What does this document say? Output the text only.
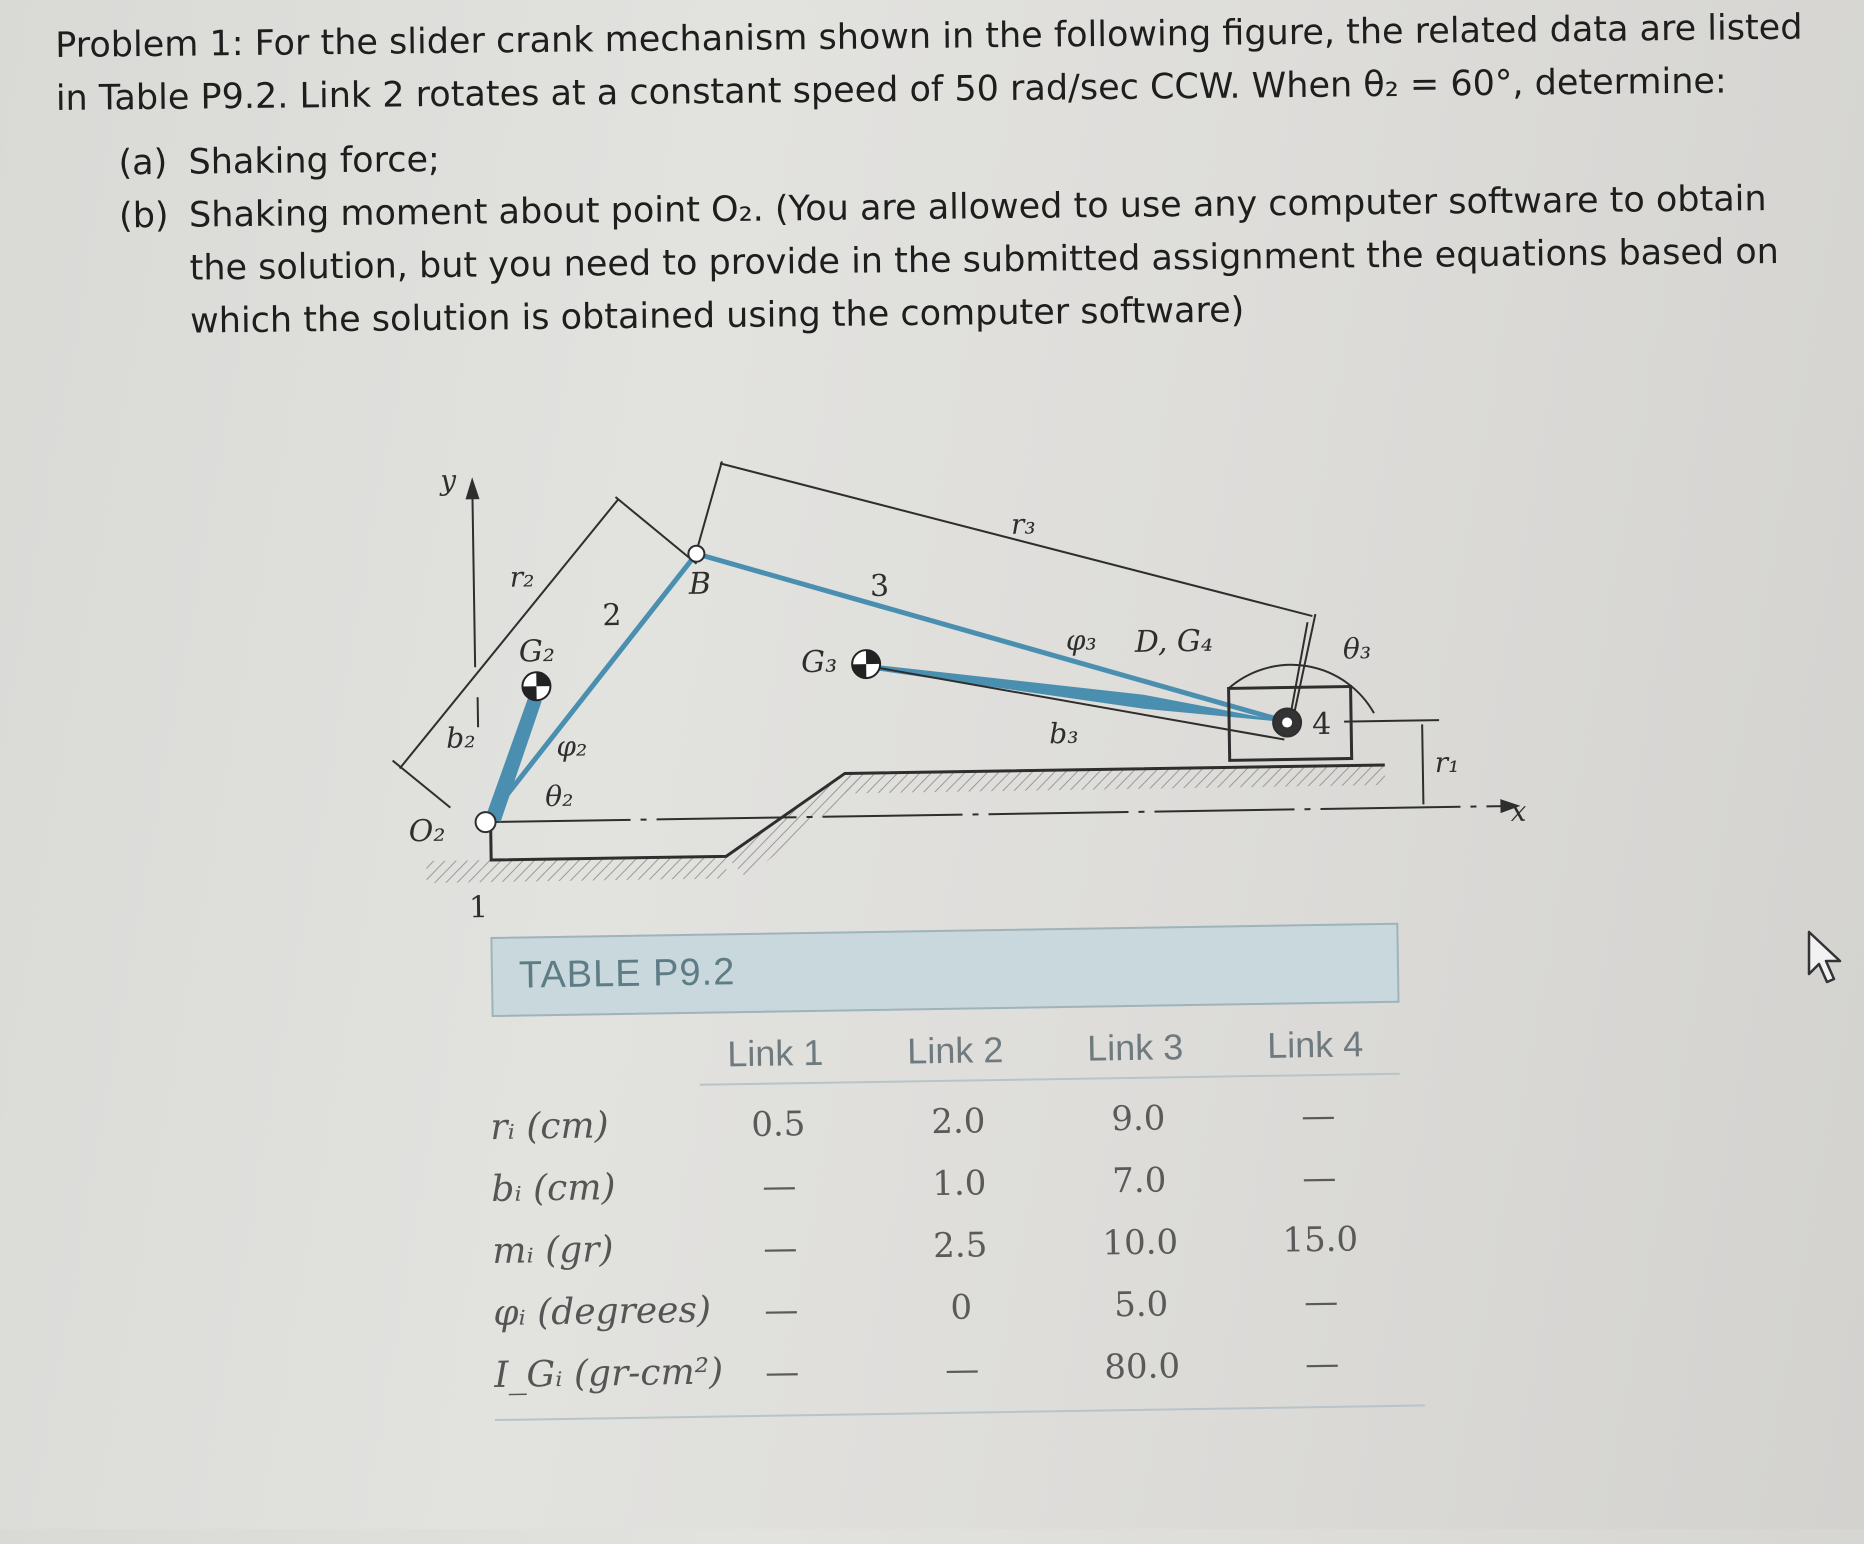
Problem 1: For the slider crank mechanism shown in the following figure, the related data are listed in Table P9.2. Link 2 rotates at a constant speed of 50 rad/sec CCW. When θ₂ = 60°, determine:

(a) Shaking force;
(b) Shaking moment about point O₂. (You are allowed to use any computer software to obtain the solution, but you need to provide in the submitted assignment the equations based on which the solution is obtained using the computer software)
y
x
r₂
G₂
2
B	3
r₃
G₃
φ₃ D, G₄	θ₃
b₃	4
r₁
b₂	φ₂
θ₂
O₂
1
TABLE P9.2
Link 1 Link 2 Link 3 Link 4
rᵢ (cm)	0.5	2.0	9.0	—
bᵢ (cm)	—	1.0	7.0	—
mᵢ (gr)	—	2.5	10.0	15.0
φᵢ (degrees)	—	0	5.0	—
I_Gᵢ (gr-cm²)	—	—	80.0	—
